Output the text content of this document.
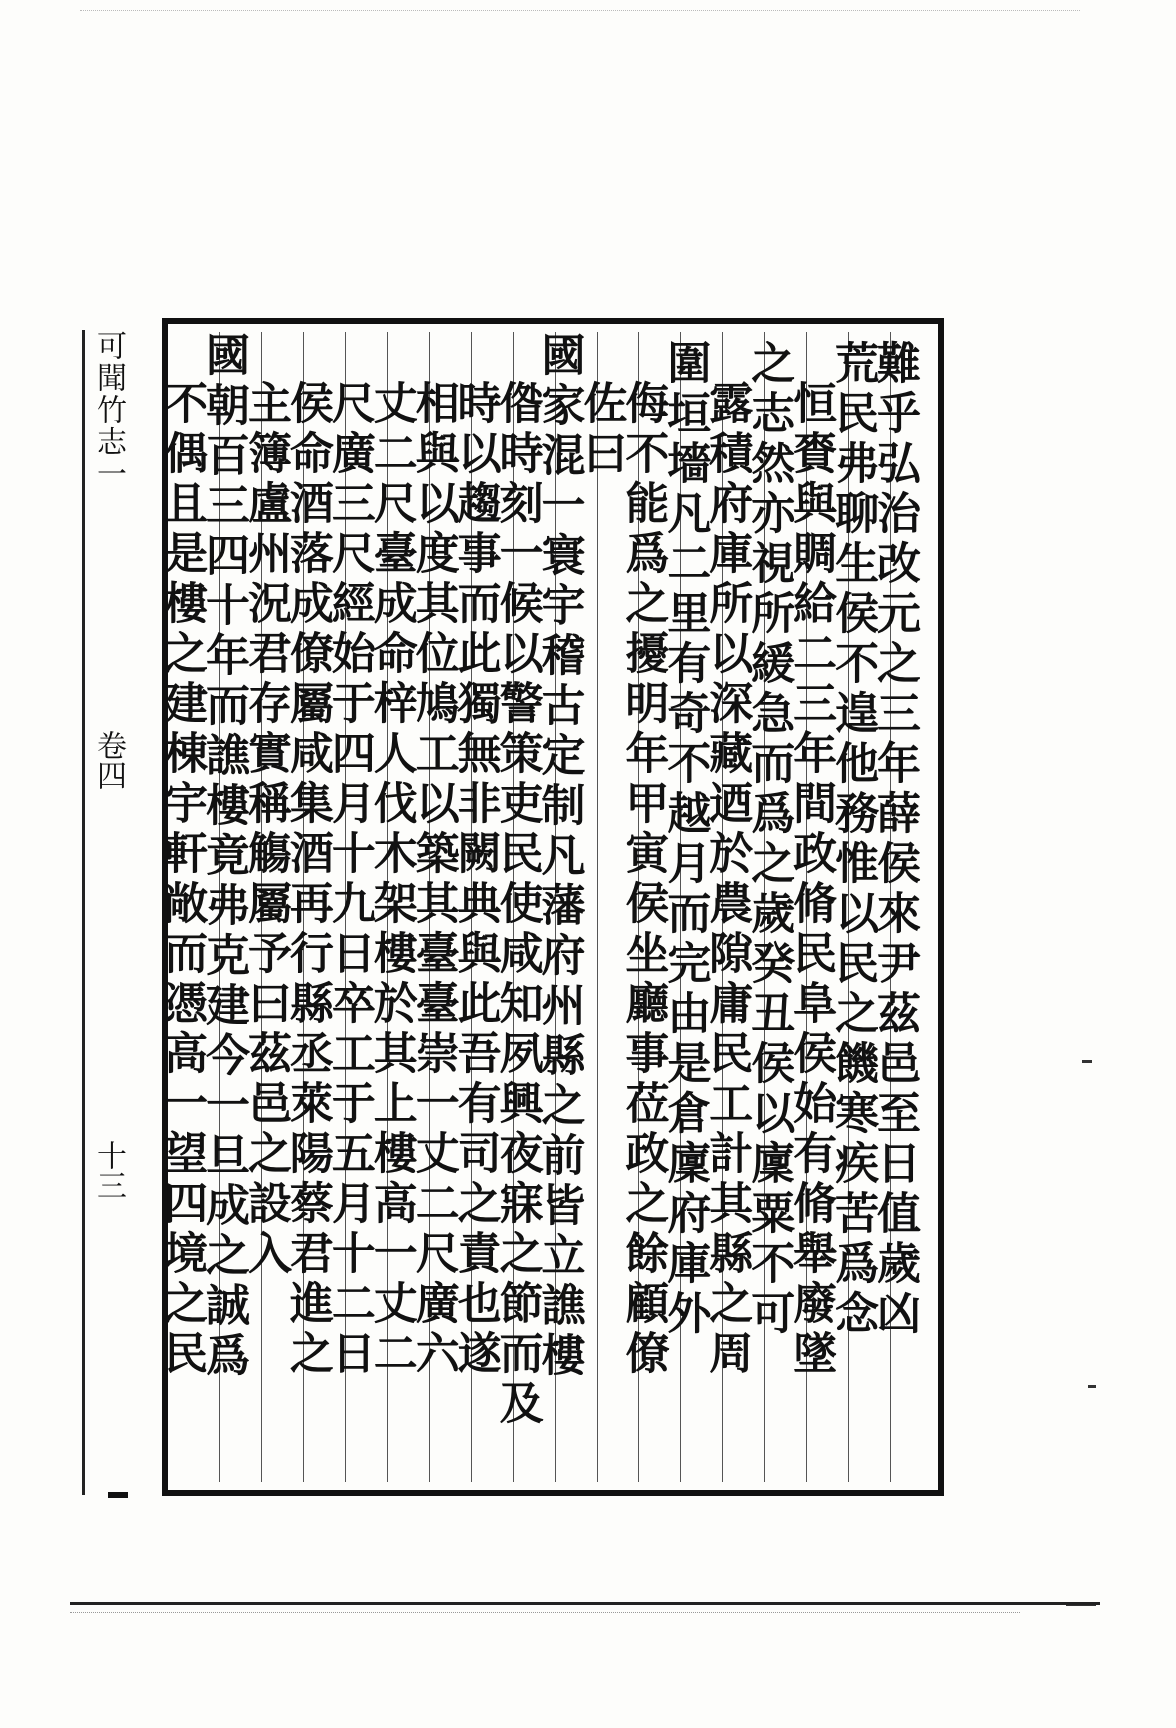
可聞竹志一
卷四
十三	難乎弘治改元之三年薛侯來尹茲邑至日值歲凶
荒民弗聊生侯不遑他務惟以民之饑寒疾苦爲念
恒賚與賙給二三年間政脩民阜侯始有脩舉廢墜
之志然亦視所緩急而爲之歲癸丑侯以廩粟不可
露積府庫所以深藏迺於農隙庸民工計其縣之周
圍垣墻凡二里有奇不越月而完由是倉廩府庫外
侮不能爲之擾明年甲寅侯坐廳事莅政之餘顧僚
佐曰
國家混一寰宇稽古定制凡藩府州縣之前皆立譙樓
偺時刻一候以警策吏民使咸知夙興夜寐之節而及
時以趨事而此獨無非闕典與此吾有司之責也遂
相與以度其位鳩工以築其臺臺崇一丈二尺廣六
丈二尺臺成命梓人伐木架樓於其上樓高一丈二
尺廣三尺經始于四月十九日卒工于五月十二日
侯命酒落成僚屬咸集酒再行縣丞萊陽蔡君進之
主簿盧州況君存實稱觴屬予曰茲邑之設入
國朝百三四十年而譙樓竟弗克建今一旦成之誠爲
不偶且是樓之建棟宇軒敞而憑高一望四境之民
